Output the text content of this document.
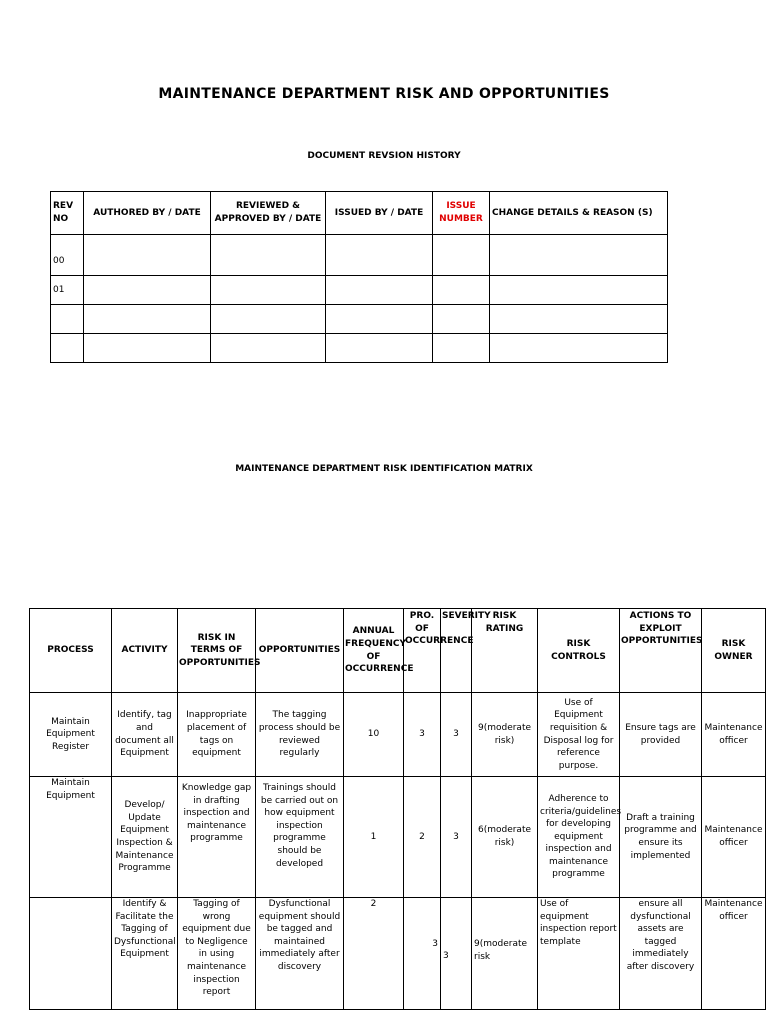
MAINTENANCE DEPARTMENT RISK AND OPPORTUNITIES
DOCUMENT REVSION HISTORY
REV NO	AUTHORED BY / DATE	REVIEWED & APPROVED BY / DATE	ISSUED BY / DATE	ISSUE NUMBER	CHANGE DETAILS & REASON (S)
00					
01					

MAINTENANCE DEPARTMENT RISK IDENTIFICATION MATRIX
PROCESS	ACTIVITY	RISK IN TERMS OF OPPORTUNITIES	OPPORTUNITIES	ANNUAL FREQUENCY OF OCCURRENCE	PRO. OF OCCURRENCE	SEVERITY	RISK RATING	RISK CONTROLS	ACTIONS TO EXPLOIT OPPORTUNITIES	RISK OWNER
Maintain Equipment Register	Identify, tag and document all Equipment	Inappropriate placement of tags on equipment	The tagging process should be reviewed regularly	10	3	3	9(moderate risk)	Use of Equipment requisition & Disposal log for reference purpose.	Ensure tags are provided	Maintenance officer
Maintain Equipment	Develop/ Update Equipment Inspection & Maintenance Programme	Knowledge gap in drafting inspection and maintenance programme	Trainings should be carried out on how equipment inspection programme should be developed	1	2	3	6(moderate risk)	Adherence to criteria/guidelines for developing equipment inspection and maintenance programme	Draft a training programme and ensure its implemented	Maintenance officer
	Identify & Facilitate the Tagging of Dysfunctional Equipment	Tagging of wrong equipment due to Negligence in using maintenance inspection report	Dysfunctional equipment should be tagged and maintained immediately after discovery	2	3	3	9(moderate risk	Use of equipment inspection report template	ensure all dysfunctional assets are tagged immediately after discovery	Maintenance officer
